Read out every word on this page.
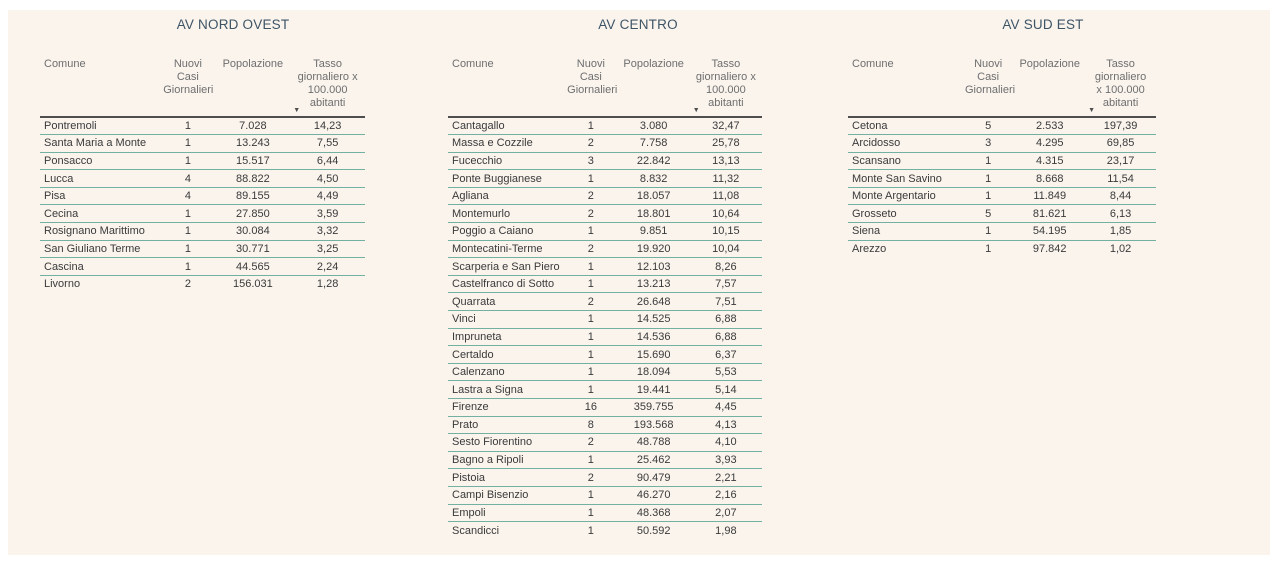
AV NORD OVEST
Comune	Nuovi Casi Giornalieri	Popolazione	Tasso giornaliero x 100.000 abitanti
▼

Pontremoli	1	7.028	14,23
Santa Maria a Monte	1	13.243	7,55
Ponsacco	1	15.517	6,44
Lucca	4	88.822	4,50
Pisa	4	89.155	4,49
Cecina	1	27.850	3,59
Rosignano Marittimo	1	30.084	3,32
San Giuliano Terme	1	30.771	3,25
Cascina	1	44.565	2,24
Livorno	2	156.031	1,28
AV CENTRO
Comune	Nuovi Casi Giornalieri	Popolazione	Tasso giornaliero x 100.000 abitanti
▼

Cantagallo	1	3.080	32,47
Massa e Cozzile	2	7.758	25,78
Fucecchio	3	22.842	13,13
Ponte Buggianese	1	8.832	11,32
Agliana	2	18.057	11,08
Montemurlo	2	18.801	10,64
Poggio a Caiano	1	9.851	10,15
Montecatini-Terme	2	19.920	10,04
Scarperia e San Piero	1	12.103	8,26
Castelfranco di Sotto	1	13.213	7,57
Quarrata	2	26.648	7,51
Vinci	1	14.525	6,88
Impruneta	1	14.536	6,88
Certaldo	1	15.690	6,37
Calenzano	1	18.094	5,53
Lastra a Signa	1	19.441	5,14
Firenze	16	359.755	4,45
Prato	8	193.568	4,13
Sesto Fiorentino	2	48.788	4,10
Bagno a Ripoli	1	25.462	3,93
Pistoia	2	90.479	2,21
Campi Bisenzio	1	46.270	2,16
Empoli	1	48.368	2,07
Scandicci	1	50.592	1,98
AV SUD EST
Comune	Nuovi Casi Giornalieri	Popolazione	Tasso giornaliero x 100.000 abitanti
▼

Cetona	5	2.533	197,39
Arcidosso	3	4.295	69,85
Scansano	1	4.315	23,17
Monte San Savino	1	8.668	11,54
Monte Argentario	1	11.849	8,44
Grosseto	5	81.621	6,13
Siena	1	54.195	1,85
Arezzo	1	97.842	1,02
